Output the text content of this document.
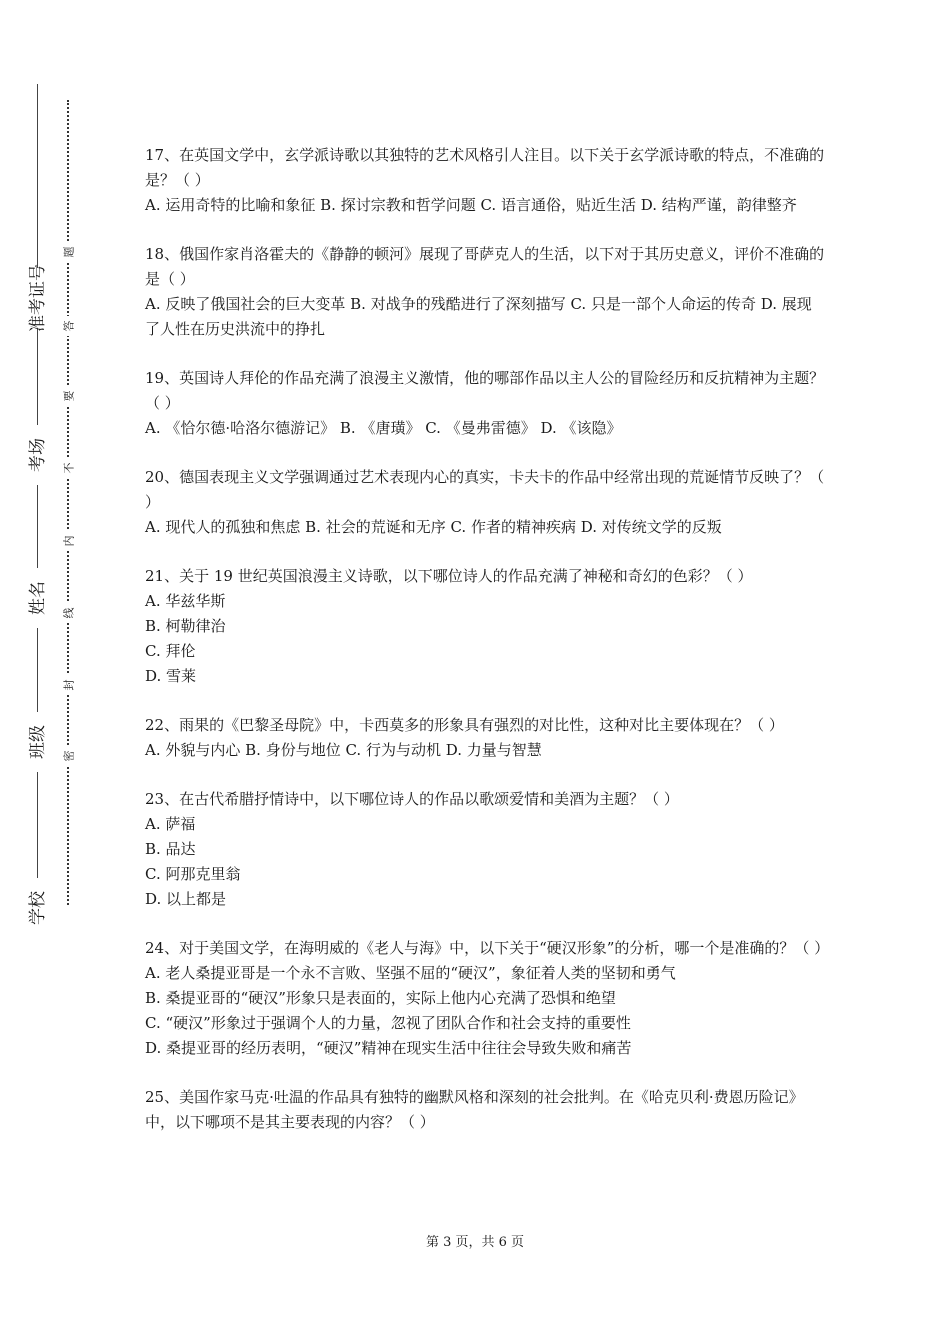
准考证号
考场
姓名
班级
学校
题
答
要
不
内
线
封
密

17、在英国文学中，玄学派诗歌以其独特的艺术风格引人注目。以下关于玄学派诗歌的特点，不准确的是？（ ）

A. 运用奇特的比喻和象征 B. 探讨宗教和哲学问题 C. 语言通俗，贴近生活 D. 结构严谨，韵律整齐

18、俄国作家肖洛霍夫的《静静的顿河》展现了哥萨克人的生活，以下对于其历史意义，评价不准确的是（ ）

A. 反映了俄国社会的巨大变革 B. 对战争的残酷进行了深刻描写 C. 只是一部个人命运的传奇 D. 展现了人性在历史洪流中的挣扎

19、英国诗人拜伦的作品充满了浪漫主义激情，他的哪部作品以主人公的冒险经历和反抗精神为主题？（ ）

A. 《恰尔德·哈洛尔德游记》 B. 《唐璜》 C. 《曼弗雷德》 D. 《该隐》

20、德国表现主义文学强调通过艺术表现内心的真实，卡夫卡的作品中经常出现的荒诞情节反映了？（ ）

A. 现代人的孤独和焦虑 B. 社会的荒诞和无序 C. 作者的精神疾病 D. 对传统文学的反叛

21、关于 19 世纪英国浪漫主义诗歌，以下哪位诗人的作品充满了神秘和奇幻的色彩？（ ）

A. 华兹华斯

B. 柯勒律治

C. 拜伦

D. 雪莱

22、雨果的《巴黎圣母院》中，卡西莫多的形象具有强烈的对比性，这种对比主要体现在？（ ）

A. 外貌与内心 B. 身份与地位 C. 行为与动机 D. 力量与智慧

23、在古代希腊抒情诗中，以下哪位诗人的作品以歌颂爱情和美酒为主题？（ ）

A. 萨福

B. 品达

C. 阿那克里翁

D. 以上都是

24、对于美国文学，在海明威的《老人与海》中，以下关于“硬汉形象”的分析，哪一个是准确的？（ ）

A. 老人桑提亚哥是一个永不言败、坚强不屈的“硬汉”，象征着人类的坚韧和勇气

B. 桑提亚哥的“硬汉”形象只是表面的，实际上他内心充满了恐惧和绝望

C. “硬汉”形象过于强调个人的力量，忽视了团队合作和社会支持的重要性

D. 桑提亚哥的经历表明，“硬汉”精神在现实生活中往往会导致失败和痛苦

25、美国作家马克·吐温的作品具有独特的幽默风格和深刻的社会批判。在《哈克贝利·费恩历险记》中，以下哪项不是其主要表现的内容？（ ）

第 3 页，共 6 页
